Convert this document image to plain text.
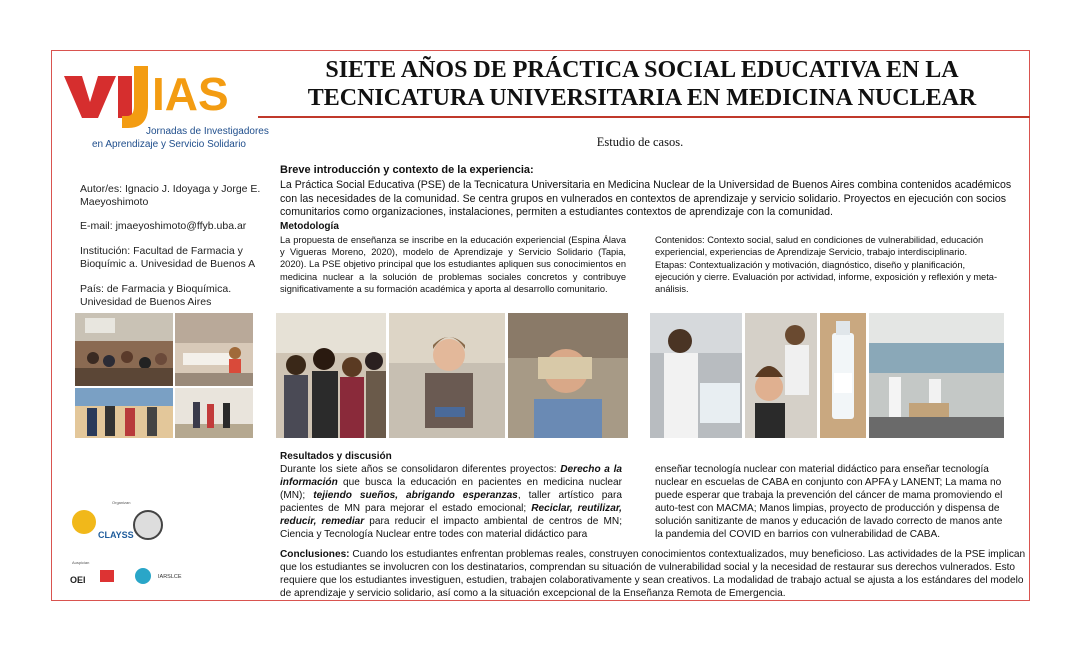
IAS
Jornadas de Investigadores
en Aprendizaje y Servicio Solidario
SIETE AÑOS DE PRÁCTICA SOCIAL EDUCATIVA EN LA
TECNICATURA UNIVERSITARIA EN MEDICINA NUCLEAR
Estudio de casos.
Autor/es: Ignacio J. Idoyaga y Jorge E. Maeyoshimoto
E-mail: jmaeyoshimoto@ffyb.uba.ar
Institución: Facultad de Farmacia y Bioquímic a. Univesidad de Buenos A
País: de Farmacia y Bioquímica. Univesidad de Buenos Aires
Breve introducción y contexto de la experiencia:
La Práctica Social Educativa (PSE) de la Tecnicatura Universitaria en Medicina Nuclear de la Universidad de Buenos Aires combina contenidos académicos con las necesidades de la comunidad. Se centra grupos en vulnerados en contextos de aprendizaje y servicio solidario. Proyectos en ejecución con socios comunitarios como organizaciones, instalaciones, permiten a estudiantes contextos de aprendizaje con la comunidad.
Metodología
La propuesta de enseñanza se inscribe en la educación experiencial (Espina Álava y Vigueras Moreno, 2020), modelo de Aprendizaje y Servicio Solidario (Tapia, 2020). La PSE objetivo principal que los estudiantes apliquen sus conocimientos en medicina nuclear a la solución de problemas sociales concretos y contribuye significativamente a su formación académica y aporta al desarrollo comunitario.
Contenidos: Contexto social, salud en condiciones de vulnerabilidad, educación experiencial, experiencias de Aprendizaje Servicio, trabajo interdisciplinario.
Etapas: Contextualización y motivación, diagnóstico, diseño y planificación, ejecución y cierre. Evaluación por actividad, informe, exposición y reflexión y meta-análisis.
Resultados y discusión
Durante los siete años se consolidaron diferentes proyectos: Derecho a la información que busca la educación en pacientes en medicina nuclear (MN); tejiendo sueños, abrigando esperanzas, taller artístico para pacientes de MN para mejorar el estado emocional; Reciclar, reutilizar, reducir, remediar para reducir el impacto ambiental de centros de MN; Ciencia y Tecnología Nuclear entre todes con material didáctico para
enseñar tecnología nuclear con material didáctico para enseñar tecnología nuclear en escuelas de CABA en conjunto con APFA y LANENT; La mama no puede esperar que trabaja la prevención del cáncer de mama promoviendo el auto-test con MACMA; Manos limpias, proyecto de producción y dispensa de solución sanitizante de manos y educación de lavado correcto de manos ante la pandemia del COVID en barrios con vulnerabilidad de CABA.
Conclusiones: Cuando los estudiantes enfrentan problemas reales, construyen conocimientos contextualizados, muy beneficioso. Las actividades de la PSE implican que los estudiantes se involucren con los destinatarios, comprendan su situación de vulnerabilidad social y la necesidad de restaurar sus derechos vulnerados. Esto requiere que los estudiantes investiguen, estudien, trabajen colaborativamente y sean creativos. La modalidad de trabajo actual se ajusta a los estándares del modelo de aprendizaje y servicio solidario, así como a la situación excepcional de la Enseñanza Remota de Emergencia.
Organizan
CLAYSS
Auspician
OEI	IARSLCE
